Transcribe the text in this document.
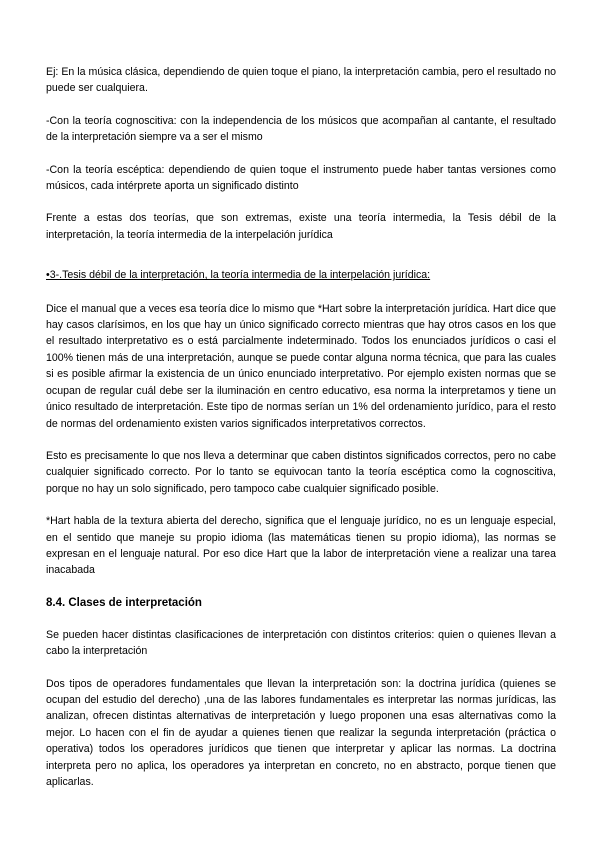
Ej: En la música clásica, dependiendo de quien toque el piano, la interpretación cambia, pero el resultado no puede ser cualquiera.

-Con la teoría cognoscitiva: con la independencia de los músicos que acompañan al cantante, el resultado de la interpretación siempre va a ser el mismo

-Con la teoría escéptica: dependiendo de quien toque el instrumento puede haber tantas versiones como músicos, cada intérprete aporta un significado distinto

Frente a estas dos teorías, que son extremas, existe una teoría intermedia, la Tesis débil de la interpretación, la teoría intermedia de la interpelación jurídica

•3-.Tesis débil de la interpretación, la teoría intermedia de la interpelación jurídica:

Dice el manual que a veces esa teoría dice lo mismo que *Hart sobre la interpretación jurídica. Hart dice que hay casos clarísimos, en los que hay un único significado correcto mientras que hay otros casos en los que el resultado interpretativo es o está parcialmente indeterminado. Todos los enunciados jurídicos o casi el 100% tienen más de una interpretación, aunque se puede contar alguna norma técnica, que para las cuales si es posible afirmar la existencia de un único enunciado interpretativo. Por ejemplo existen normas que se ocupan de regular cuál debe ser la iluminación en centro educativo, esa norma la interpretamos y tiene un único resultado de interpretación. Este tipo de normas serían un 1% del ordenamiento jurídico, para el resto de normas del ordenamiento existen varios significados interpretativos correctos.

Esto es precisamente lo que nos lleva a determinar que caben distintos significados correctos, pero no cabe cualquier significado correcto. Por lo tanto se equivocan tanto la teoría escéptica como la cognoscitiva, porque no hay un solo significado, pero tampoco cabe cualquier significado posible.

*Hart habla de la textura abierta del derecho, significa que el lenguaje jurídico, no es un lenguaje especial, en el sentido que maneje su propio idioma (las matemáticas tienen su propio idioma), las normas se expresan en el lenguaje natural. Por eso dice Hart que la labor de interpretación viene a realizar una tarea inacabada

8.4. Clases de interpretación

Se pueden hacer distintas clasificaciones de interpretación con distintos criterios: quien o quienes llevan a cabo la interpretación

Dos tipos de operadores fundamentales que llevan la interpretación son: la doctrina jurídica (quienes se ocupan del estudio del derecho) ,una de las labores fundamentales es interpretar las normas jurídicas, las analizan, ofrecen distintas alternativas de interpretación y luego proponen una esas alternativas como la mejor. Lo hacen con el fin de ayudar a quienes tienen que realizar la segunda interpretación (práctica o operativa) todos los operadores jurídicos que tienen que interpretar y aplicar las normas. La doctrina interpreta pero no aplica, los operadores ya interpretan en concreto, no en abstracto, porque tienen que aplicarlas.
